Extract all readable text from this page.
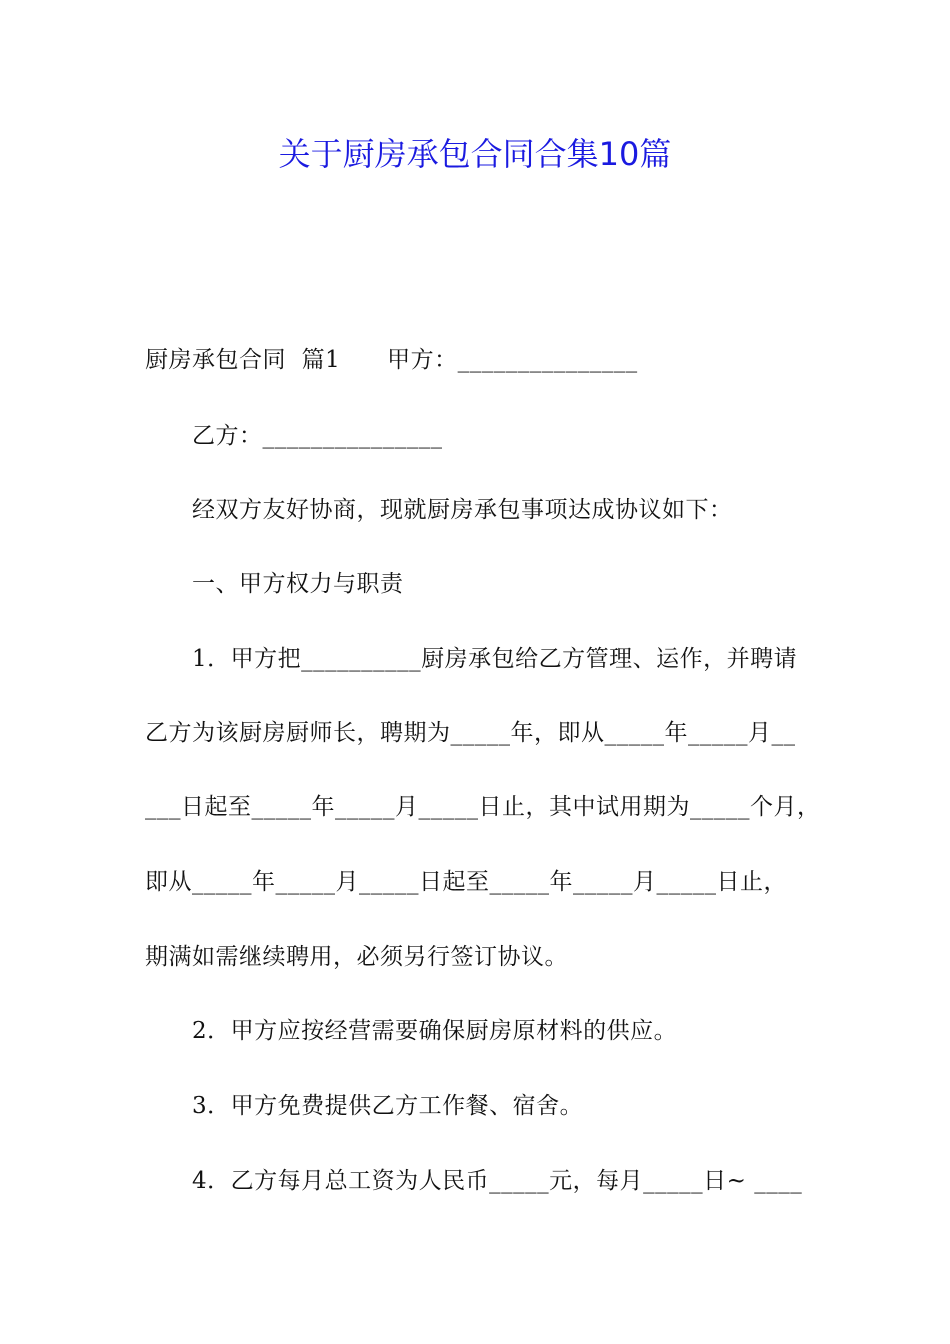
关于厨房承包合同合集10篇
厨房承包合同  篇1      甲方：_______________
乙方：_______________
经双方友好协商，现就厨房承包事项达成协议如下：
一、甲方权力与职责
1．甲方把__________厨房承包给乙方管理、运作，并聘请
乙方为该厨房厨师长，聘期为_____年，即从_____年_____月__
___日起至_____年_____月_____日止，其中试用期为_____个月，
即从_____年_____月_____日起至_____年_____月_____日止，
期满如需继续聘用，必须另行签订协议。
2．甲方应按经营需要确保厨房原材料的供应。
3．甲方免费提供乙方工作餐、宿舍。
4．乙方每月总工资为人民币_____元，每月_____日~ ____
